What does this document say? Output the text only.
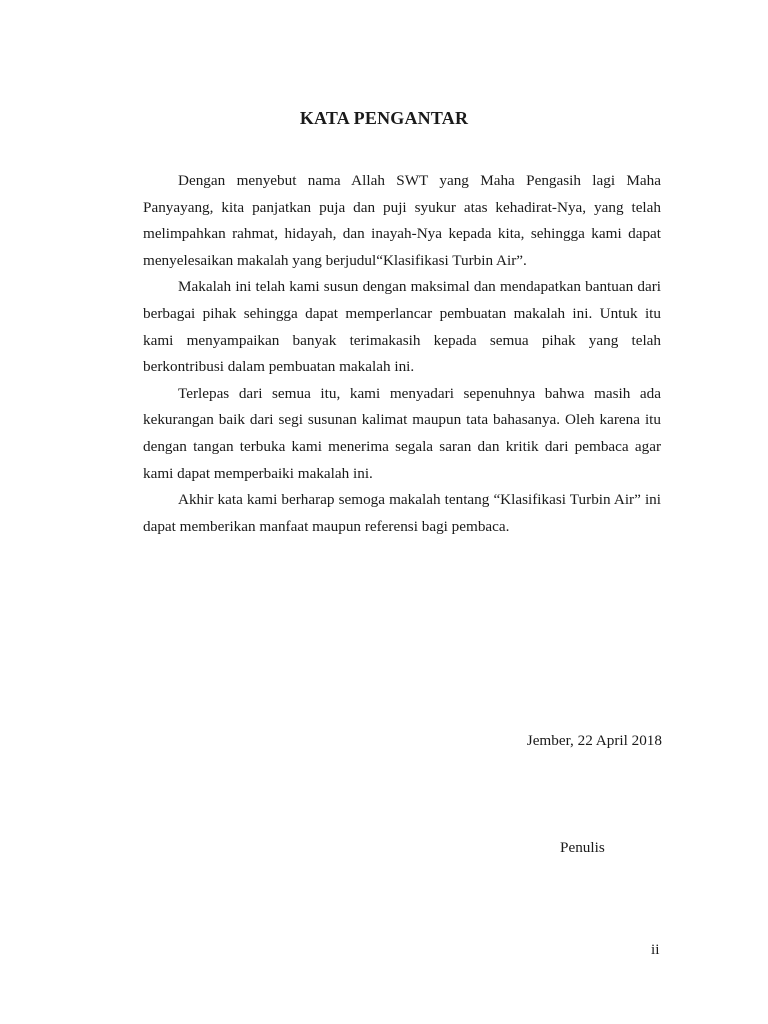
KATA PENGANTAR

Dengan menyebut nama Allah SWT yang Maha Pengasih lagi Maha Panyayang, kita panjatkan puja dan puji syukur atas kehadirat-Nya, yang telah melimpahkan rahmat, hidayah, dan inayah-Nya kepada kita, sehingga kami dapat menyelesaikan makalah yang berjudul“Klasifikasi Turbin Air”.

Makalah ini telah kami susun dengan maksimal dan mendapatkan bantuan dari berbagai pihak sehingga dapat memperlancar pembuatan makalah ini. Untuk itu kami menyampaikan banyak terimakasih kepada semua pihak yang telah berkontribusi dalam pembuatan makalah ini.

Terlepas dari semua itu, kami menyadari sepenuhnya bahwa masih ada kekurangan baik dari segi susunan kalimat maupun tata bahasanya. Oleh karena itu dengan tangan terbuka kami menerima segala saran dan kritik dari pembaca agar kami dapat memperbaiki makalah ini.

Akhir kata kami berharap semoga makalah tentang “Klasifikasi Turbin Air” ini dapat memberikan manfaat maupun referensi bagi pembaca.

Jember, 22 April 2018
Penulis
ii
